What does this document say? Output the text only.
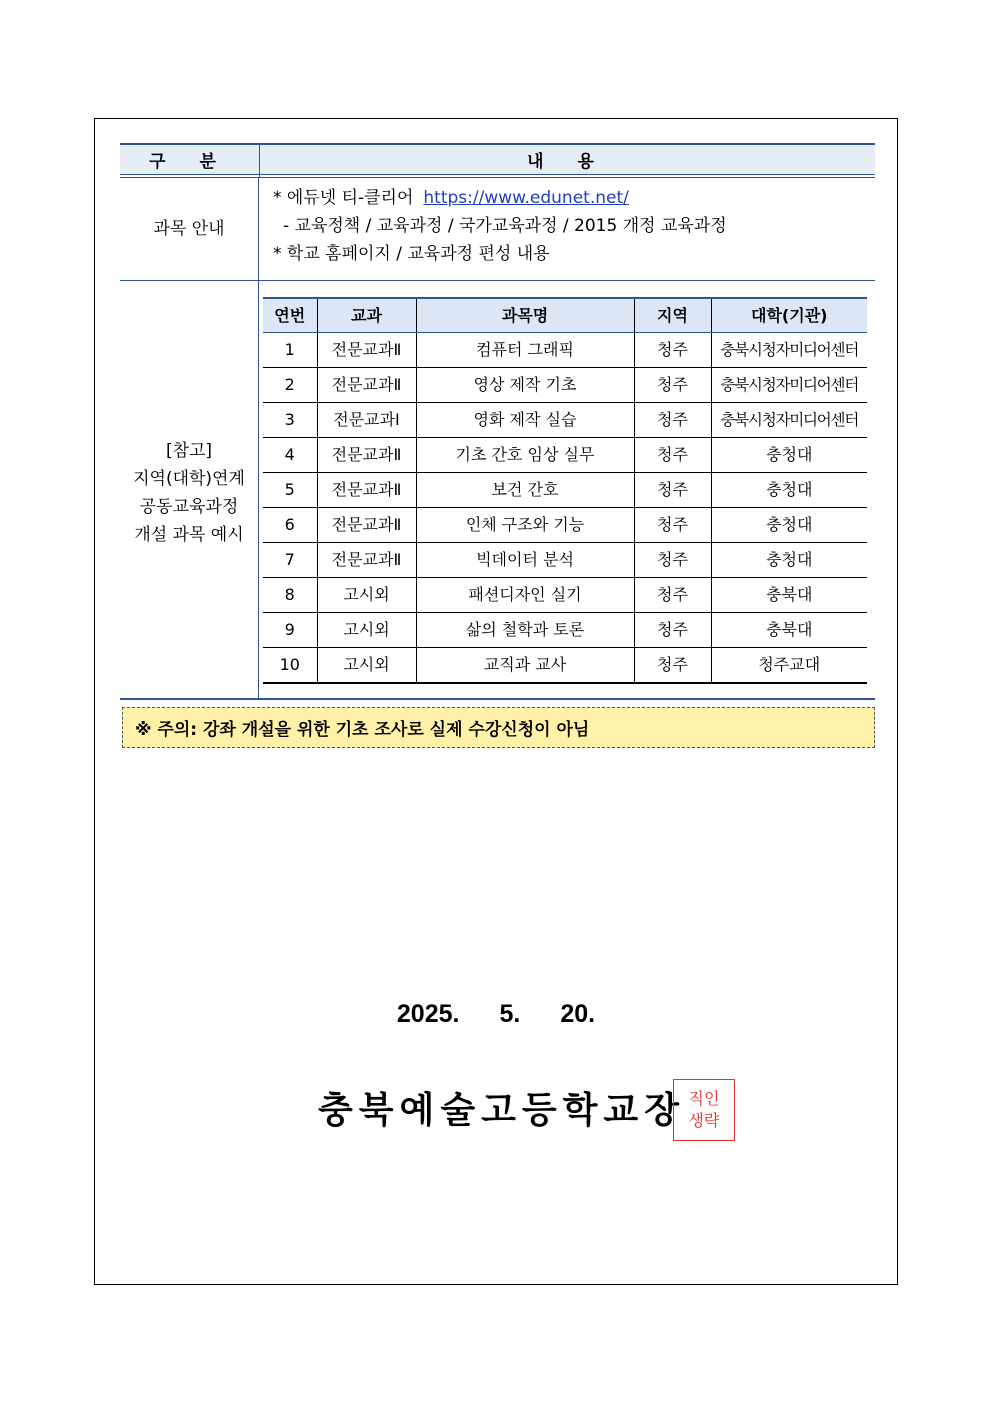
구 분	내 용
과목 안내
* 에듀넷 티-클리어 https://www.edunet.net/
- 교육정책 / 교육과정 / 국가교육과정 / 2015 개정 교육과정
* 학교 홈페이지 / 교육과정 편성 내용
[참고]
지역(대학)연계
공동교육과정
개설 과목 예시
연번	교과	과목명	지역	대학(기관)
1	전문교과Ⅱ	컴퓨터 그래픽	청주	충북시청자미디어센터
2	전문교과Ⅱ	영상 제작 기초	청주	충북시청자미디어센터
3	전문교과Ⅰ	영화 제작 실습	청주	충북시청자미디어센터
4	전문교과Ⅱ	기초 간호 임상 실무	청주	충청대
5	전문교과Ⅱ	보건 간호	청주	충청대
6	전문교과Ⅱ	인체 구조와 기능	청주	충청대
7	전문교과Ⅱ	빅데이터 분석	청주	충청대
8	고시외	패션디자인 실기	청주	충북대
9	고시외	삶의 철학과 토론	청주	충북대
10	고시외	교직과 교사	청주	청주교대
※ 주의: 강좌 개설을 위한 기초 조사로 실제 수강신청이 아님
2025. 5. 20.
충북예술고등학교장 직인
생략
